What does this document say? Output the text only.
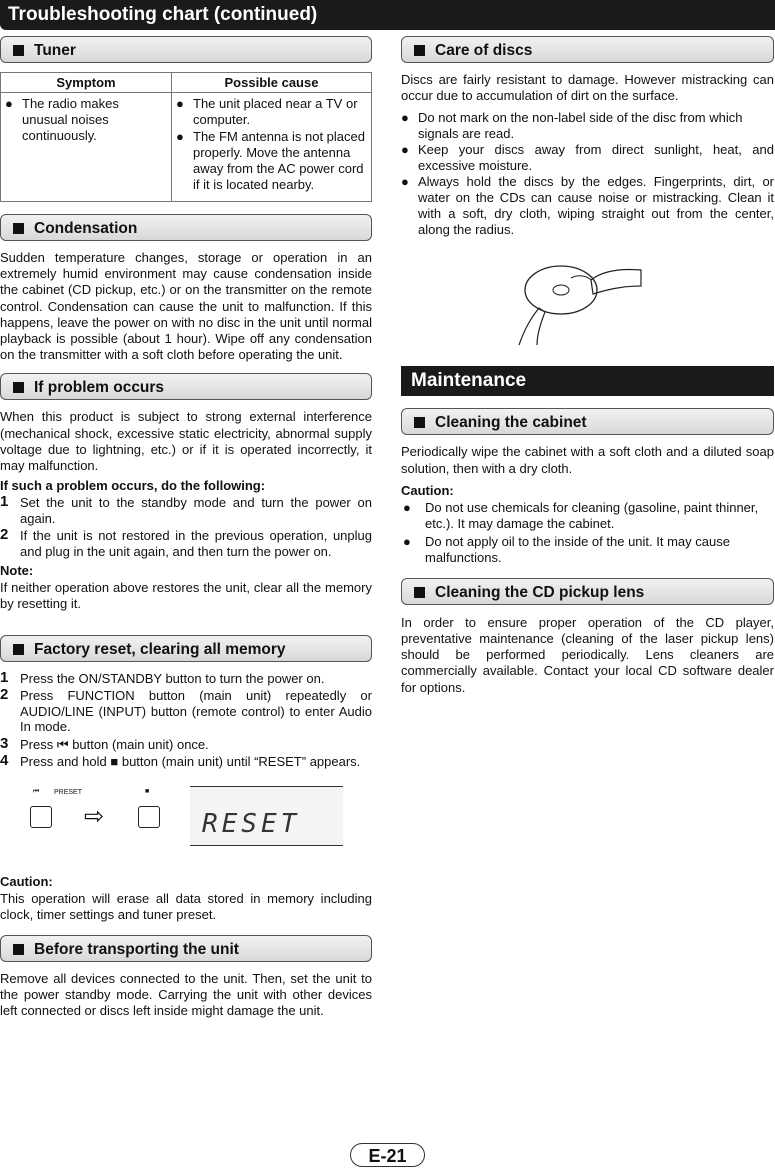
Troubleshooting chart (continued)
Tuner
Symptom	Possible cause

● The radio makes unusual noises continuously.	● The unit placed near a TV or computer.
● The FM antenna is not placed properly. Move the antenna away from the AC power cord if it is located nearby.
Condensation

Sudden temperature changes, storage or operation in an extremely humid environment may cause condensation inside the cabinet (CD pickup, etc.) or on the transmitter on the remote control. Condensation can cause the unit to malfunction. If this happens, leave the power on with no disc in the unit until normal playback is possible (about 1 hour). Wipe off any condensation on the transmitter with a soft cloth before operating the unit.

If problem occurs

When this product is subject to strong external interference (mechanical shock, excessive static electricity, abnormal supply voltage due to lightning, etc.) or if it is operated incorrectly, it may malfunction.

If such a problem occurs, do the following:
1 Set the unit to the standby mode and turn the power on again.
2 If the unit is not restored in the previous operation, unplug and plug in the unit again, and then turn the power on.
Note:

If neither operation above restores the unit, clear all the memory by resetting it.

Factory reset, clearing all memory
1 Press the ON/STANDBY button to turn the power on.
2 Press FUNCTION button (main unit) repeatedly or AUDIO/LINE (INPUT) button (remote control) to enter Audio In mode.
3 Press ⏮ button (main unit) once.
4 Press and hold ■ button (main unit) until “RESET” appears.
⏮ PRESET
⇨
■
RESET
Caution:

This operation will erase all data stored in memory including clock, timer settings and tuner preset.

Before transporting the unit

Remove all devices connected to the unit. Then, set the unit to the power standby mode. Carrying the unit with other devices left connected or discs left inside might damage the unit.

Care of discs

Discs are fairly resistant to damage. However mistracking can occur due to accumulation of dirt on the surface.

● Do not mark on the non-label side of the disc from which signals are read.
● Keep your discs away from direct sunlight, heat, and excessive moisture.
● Always hold the discs by the edges. Fingerprints, dirt, or water on the CDs can cause noise or mistracking. Clean it with a soft, dry cloth, wiping straight out from the center, along the radius.
Maintenance
Cleaning the cabinet

Periodically wipe the cabinet with a soft cloth and a diluted soap solution, then with a dry cloth.

Caution:
● Do not use chemicals for cleaning (gasoline, paint thinner, etc.). It may damage the cabinet.
● Do not apply oil to the inside of the unit. It may cause malfunctions.
Cleaning the CD pickup lens

In order to ensure proper operation of the CD player, preventative maintenance (cleaning of the laser pickup lens) should be performed periodically. Lens cleaners are commercially available. Contact your local CD software dealer for options.

E-21
